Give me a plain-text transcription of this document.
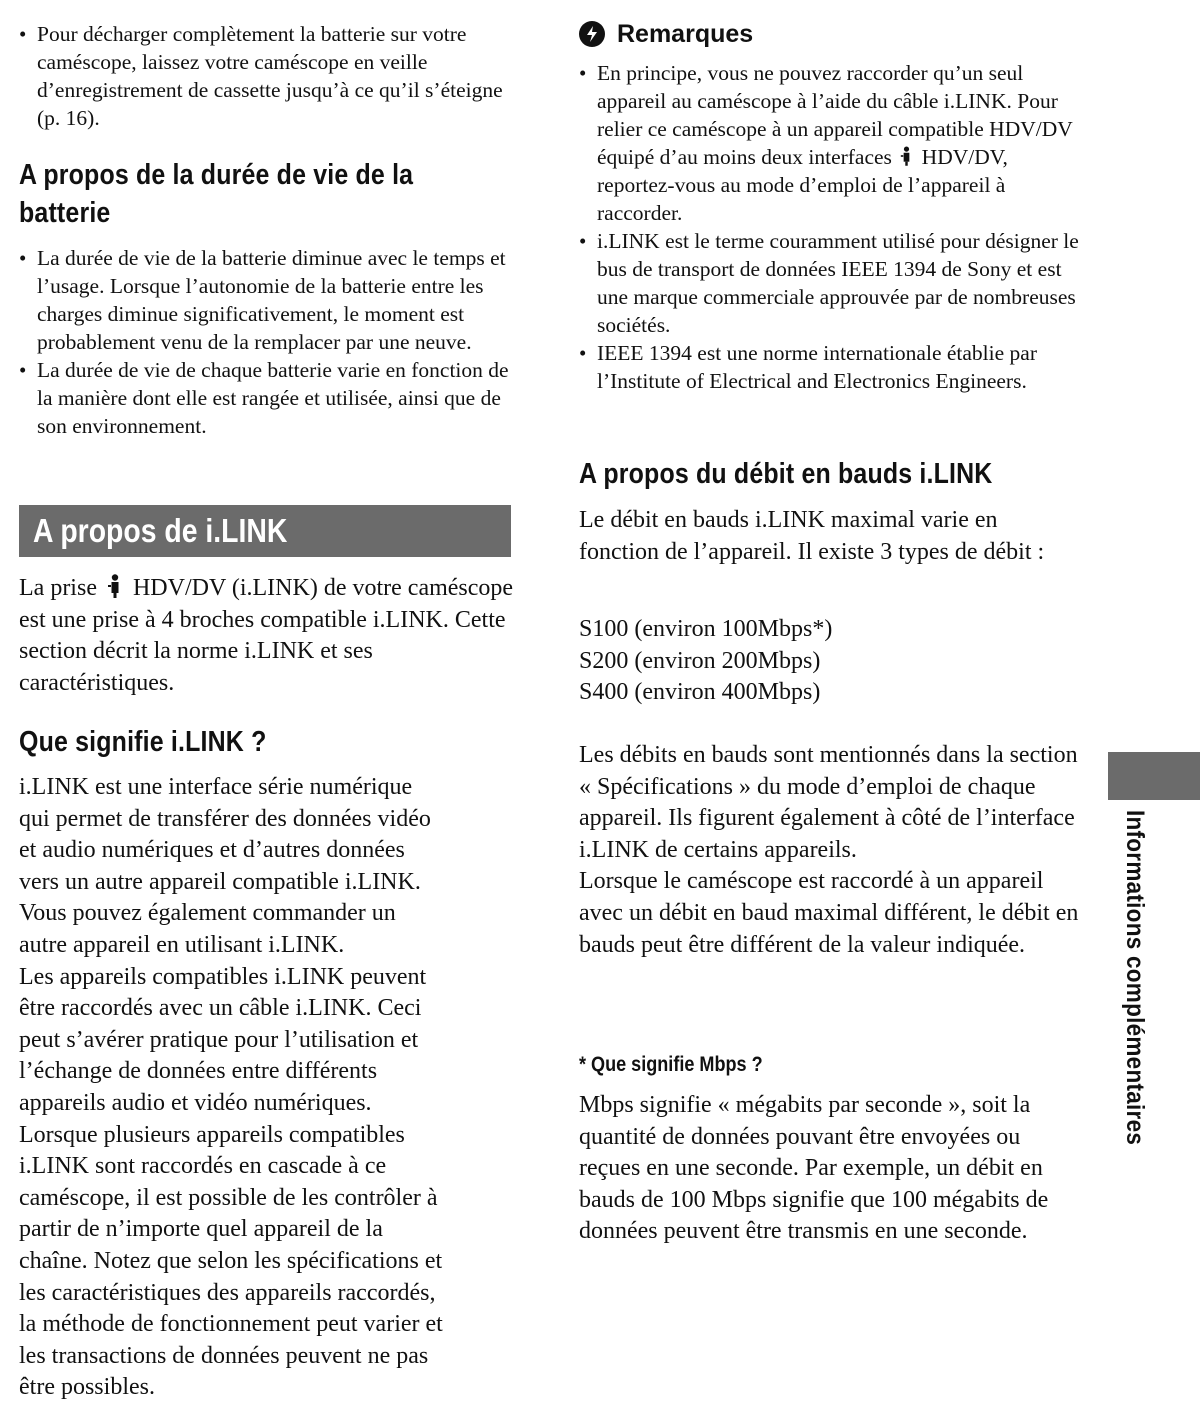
• Pour décharger complètement la batterie sur votre caméscope, laissez votre caméscope en veille d’enregistrement de cassette jusqu’à ce qu’il s’éteigne (p. 16).
A propos de la durée de vie de la
batterie
• La durée de vie de la batterie diminue avec le temps et l’usage. Lorsque l’autonomie de la batterie entre les charges diminue significativement, le moment est probablement venu de la remplacer par une neuve.
• La durée de vie de chaque batterie varie en fonction de la manière dont elle est rangée et utilisée, ainsi que de son environnement.

La prise HDV/DV (i.LINK) de votre caméscope est une prise à 4 broches compatible i.LINK. Cette section décrit la norme i.LINK et ses caractéristiques.

Que signifie i.LINK ?
i.LINK est une interface série numérique
qui permet de transférer des données vidéo
et audio numériques et d’autres données
vers un autre appareil compatible i.LINK.
Vous pouvez également commander un
autre appareil en utilisant i.LINK.
Les appareils compatibles i.LINK peuvent
être raccordés avec un câble i.LINK. Ceci
peut s’avérer pratique pour l’utilisation et
l’échange de données entre différents
appareils audio et vidéo numériques.
Lorsque plusieurs appareils compatibles
i.LINK sont raccordés en cascade à ce
caméscope, il est possible de les contrôler à
partir de n’importe quel appareil de la
chaîne. Notez que selon les spécifications et
les caractéristiques des appareils raccordés,
la méthode de fonctionnement peut varier et
les transactions de données peuvent ne pas
être possibles.
A propos de i.LINK
Remarques
• En principe, vous ne pouvez raccorder qu’un seul appareil au caméscope à l’aide du câble i.LINK. Pour relier ce caméscope à un appareil compatible HDV/DV équipé d’au moins deux interfaces HDV/DV, reportez-vous au mode d’emploi de l’appareil à raccorder.
• i.LINK est le terme couramment utilisé pour désigner le bus de transport de données IEEE 1394 de Sony et est une marque commerciale approuvée par de nombreuses sociétés.
• IEEE 1394 est une norme internationale établie par l’Institute of Electrical and Electronics Engineers.
A propos du débit en bauds i.LINK

Le débit en bauds i.LINK maximal varie en fonction de l’appareil. Il existe 3 types de débit :

S100 (environ 100Mbps*)
S200 (environ 200Mbps)
S400 (environ 400Mbps)

Les débits en bauds sont mentionnés dans la section « Spécifications » du mode d’emploi de chaque appareil. Ils figurent également à côté de l’interface i.LINK de certains appareils.

Lorsque le caméscope est raccordé à un appareil avec un débit en baud maximal différent, le débit en bauds peut être différent de la valeur indiquée.

* Que signifie Mbps ?

Mbps signifie « mégabits par seconde », soit la quantité de données pouvant être envoyées ou reçues en une seconde. Par exemple, un débit en bauds de 100 Mbps signifie que 100 mégabits de données peuvent être transmis en une seconde.

Informations complémentaires
